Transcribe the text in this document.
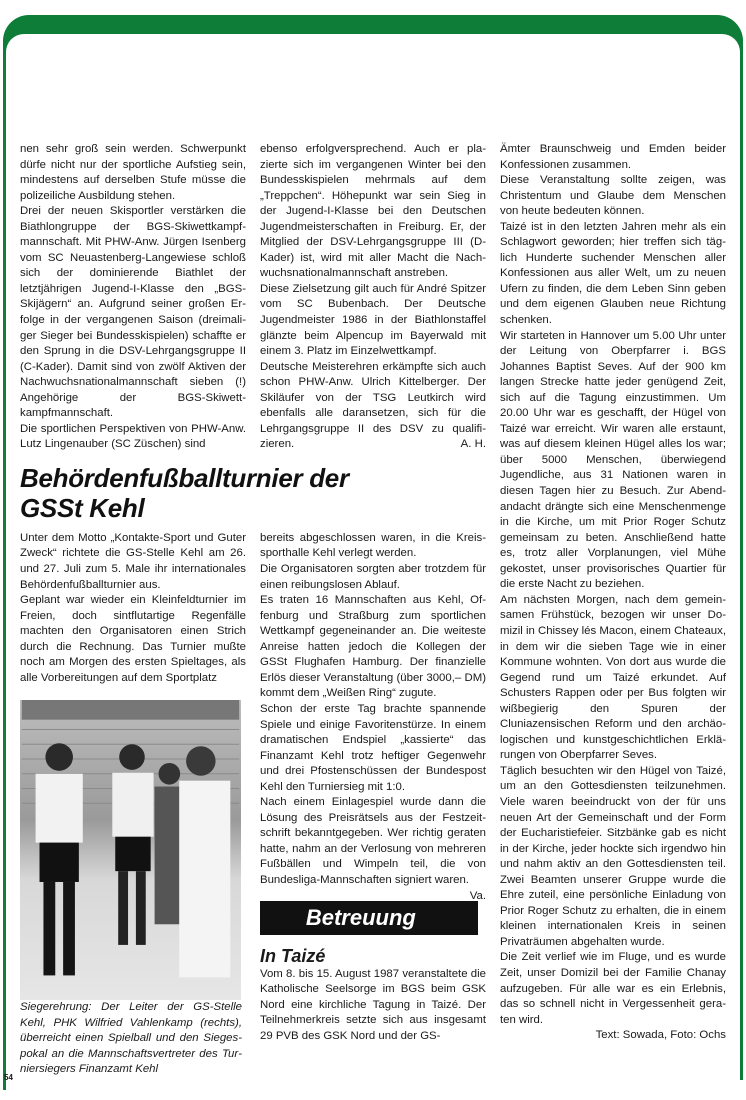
nen sehr groß sein werden. Schwerpunkt dürfe nicht nur der sportliche Aufstieg sein, mindestens auf derselben Stufe müsse die polizeiliche Ausbildung stehen.

Drei der neuen Skisportler verstärken die Biathlongruppe der BGS-Skiwettkampfmannschaft. Mit PHW-Anw. Jürgen Isenberg vom SC Neuastenberg-Langewiese schloß sich der dominierende Biathlet der letztjährigen Jugend-I-Klasse den „BGS-Skijägern“ an. Aufgrund seiner großen Erfolge in der vergangenen Saison (dreimaliger Sieger bei Bundesskispielen) schaffte er den Sprung in die DSV-Lehrgangsgruppe II (C-Kader). Damit sind von zwölf Aktiven der Nachwuchsnationalmannschaft sieben (!) Angehörige der BGS-Skiwettkampfmannschaft.

Die sportlichen Perspektiven von PHW-Anw. Lutz Lingenauber (SC Züschen) sind

ebenso erfolgversprechend. Auch er plazierte sich im vergangenen Winter bei den Bundesskispielen mehrmals auf dem „Treppchen“. Höhepunkt war sein Sieg in der Jugend-I-Klasse bei den Deutschen Jugendmeisterschaften in Freiburg. Er, der Mitglied der DSV-Lehrgangsgruppe III (D-Kader) ist, wird mit aller Macht die Nachwuchsnationalmannschaft anstreben.

Diese Zielsetzung gilt auch für André Spitzer vom SC Bubenbach. Der Deutsche Jugendmeister 1986 in der Biathlonstaffel glänzte beim Alpencup im Bayerwald mit einem 3. Platz im Einzelwettkampf.

Deutsche Meisterehren erkämpfte sich auch schon PHW-Anw. Ulrich Kittelberger. Der Skiläufer von der TSG Leutkirch wird ebenfalls alle daransetzen, sich für die Lehrgangsgruppe II des DSV zu qualifizieren.	A. H.

Behördenfußballturnier der GSSt Kehl

Unter dem Motto „Kontakte-Sport und Guter Zweck“ richtete die GS-Stelle Kehl am 26. und 27. Juli zum 5. Male ihr internationales Behördenfußballturnier aus.

Geplant war wieder ein Kleinfeldturnier im Freien, doch sintflutartige Regenfälle machten den Organisatoren einen Strich durch die Rechnung. Das Turnier mußte noch am Morgen des ersten Spieltages, als alle Vorbereitungen auf dem Sportplatz

Siegerehrung: Der Leiter der GS-Stelle Kehl, PHK Wilfried Vahlenkamp (rechts), überreicht einen Spielball und den Siegespokal an die Mannschaftsvertreter des Turniersiegers Finanzamt Kehl

bereits abgeschlossen waren, in die Kreissporthalle Kehl verlegt werden.

Die Organisatoren sorgten aber trotzdem für einen reibungslosen Ablauf.

Es traten 16 Mannschaften aus Kehl, Offenburg und Straßburg zum sportlichen Wettkampf gegeneinander an. Die weiteste Anreise hatten jedoch die Kollegen der GSSt Flughafen Hamburg. Der finanzielle Erlös dieser Veranstaltung (über 3000,– DM) kommt dem „Weißen Ring“ zugute.

Schon der erste Tag brachte spannende Spiele und einige Favoritenstürze. In einem dramatischen Endspiel „kassierte“ das Finanzamt Kehl trotz heftiger Gegenwehr und drei Pfostenschüssen der Bundespost Kehl den Turniersieg mit 1:0.

Nach einem Einlagespiel wurde dann die Lösung des Preisrätsels aus der Festzeitschrift bekanntgegeben. Wer richtig geraten hatte, nahm an der Verlosung von mehreren Fußbällen und Wimpeln teil, die von Bundesliga-Mannschaften signiert waren.
Va.

Betreuung
In Taizé

Vom 8. bis 15. August 1987 veranstaltete die Katholische Seelsorge im BGS beim GSK Nord eine kirchliche Tagung in Taizé. Der Teilnehmerkreis setzte sich aus insgesamt 29 PVB des GSK Nord und der GS-

54

Ämter Braunschweig und Emden beider Konfessionen zusammen.

Diese Veranstaltung sollte zeigen, was Christentum und Glaube dem Menschen von heute bedeuten können.

Taizé ist in den letzten Jahren mehr als ein Schlagwort geworden; hier treffen sich täglich Hunderte suchender Menschen aller Konfessionen aus aller Welt, um zu neuen Ufern zu finden, die dem Leben Sinn geben und dem eigenen Glauben neue Richtung schenken.

Wir starteten in Hannover um 5.00 Uhr unter der Leitung von Oberpfarrer i. BGS Johannes Baptist Seves. Auf der 900 km langen Strecke hatte jeder genügend Zeit, sich auf die Tagung einzustimmen. Um 20.00 Uhr war es geschafft, der Hügel von Taizé war erreicht. Wir waren alle erstaunt, was auf diesem kleinen Hügel alles los war; über 5000 Menschen, überwiegend Jugendliche, aus 31 Nationen waren in diesen Tagen hier zu Besuch. Zur Abendandacht drängte sich eine Menschenmenge in die Kirche, um mit Prior Roger Schutz gemeinsam zu beten. Anschließend hatte es, trotz aller Vorplanungen, viel Mühe gekostet, unser provisorisches Quartier für die erste Nacht zu beziehen.

Am nächsten Morgen, nach dem gemeinsamen Frühstück, bezogen wir unser Domizil in Chissey lés Macon, einem Chateaux, in dem wir die sieben Tage wie in einer Kommune wohnten. Von dort aus wurde die Gegend rund um Taizé erkundet. Auf Schusters Rappen oder per Bus folgten wir wißbegierig den Spuren der Cluniazensischen Reform und den archäologischen und kunstgeschichtlichen Erklärungen von Oberpfarrer Seves.

Täglich besuchten wir den Hügel von Taizé, um an den Gottesdiensten teilzunehmen. Viele waren beeindruckt von der für uns neuen Art der Gemeinschaft und der Form der Eucharistiefeier. Sitzbänke gab es nicht in der Kirche, jeder hockte sich irgendwo hin und nahm aktiv an den Gottesdiensten teil. Zwei Beamten unserer Gruppe wurde die Ehre zuteil, eine persönliche Einladung von Prior Roger Schutz zu erhalten, die in einem kleinen internationalen Kreis in seinen Privaträumen abgehalten wurde.

Die Zeit verlief wie im Fluge, und es wurde Zeit, unser Domizil bei der Familie Chanay aufzugeben. Für alle war es ein Erlebnis, das so schnell nicht in Vergessenheit geraten wird.

Text: Sowada, Foto: Ochs
